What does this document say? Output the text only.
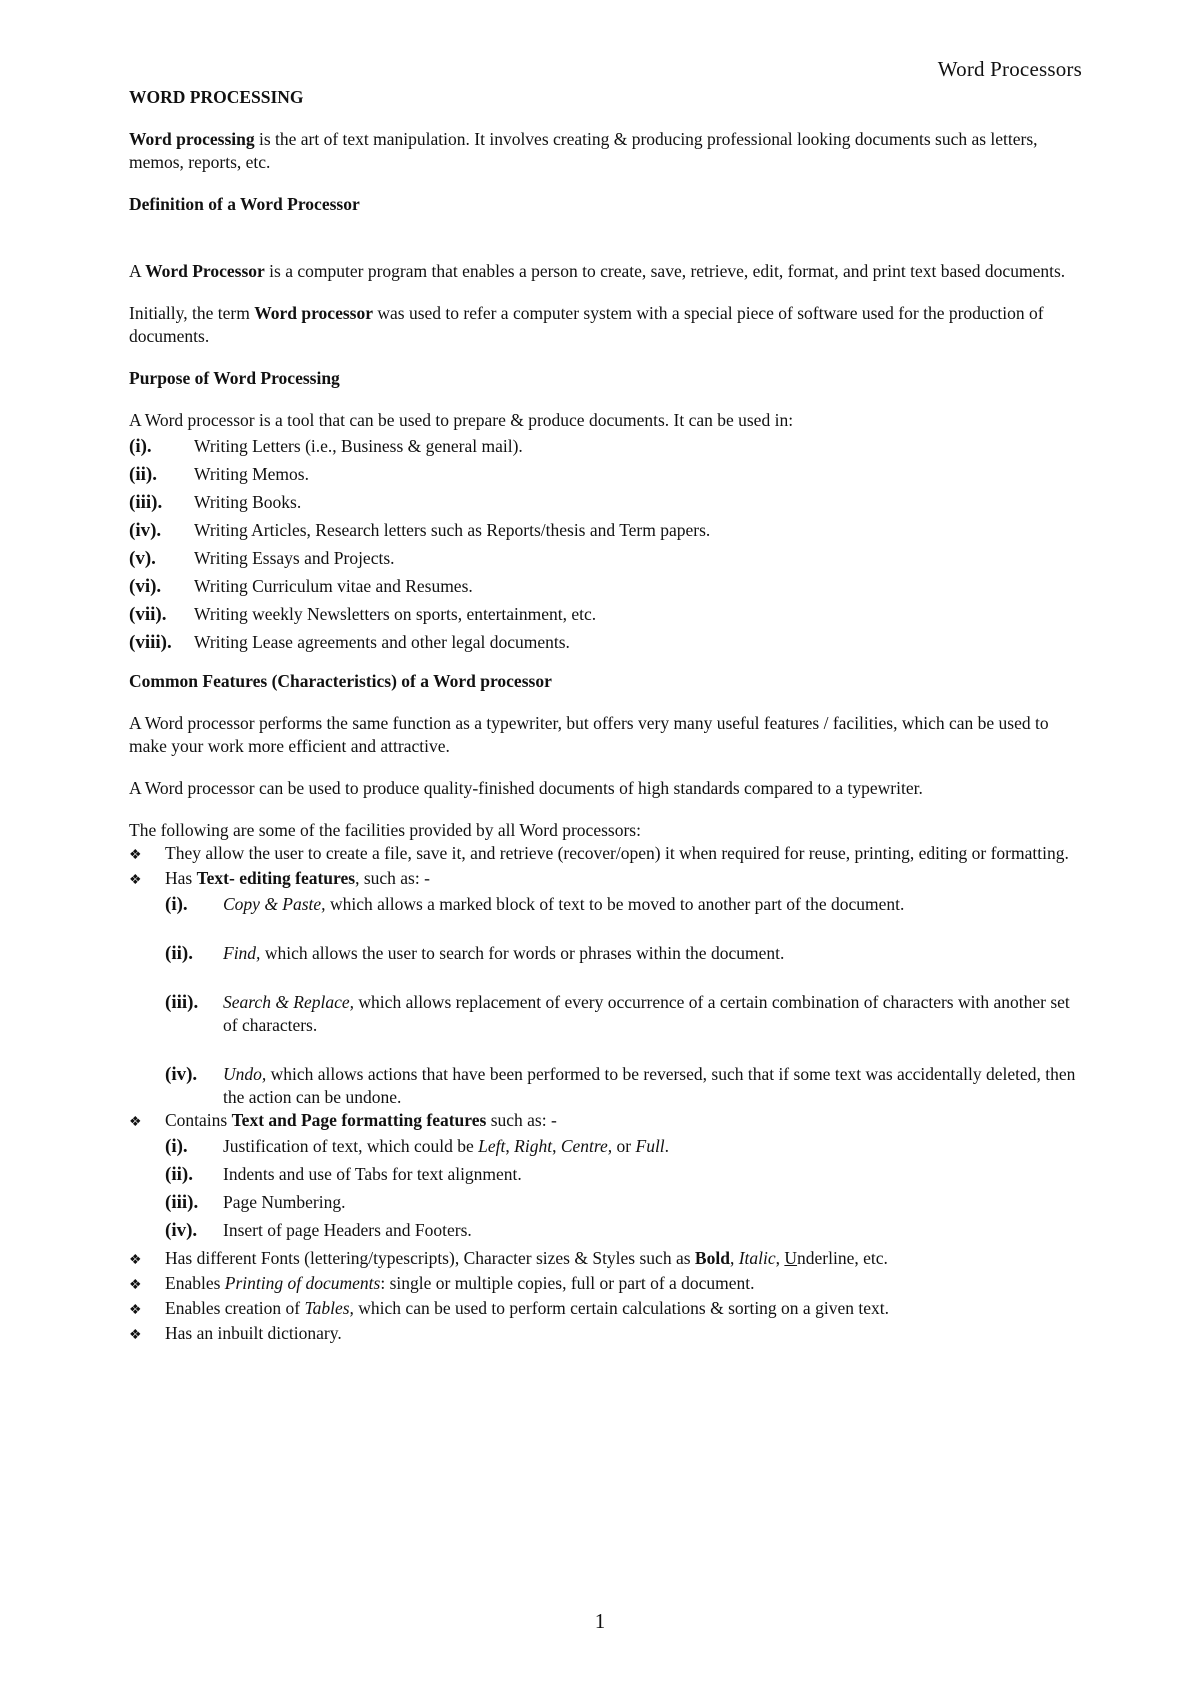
Word Processors
WORD PROCESSING

Word processing is the art of text manipulation. It involves creating & producing professional looking documents such as letters, memos, reports, etc.

Definition of a Word Processor

A Word Processor is a computer program that enables a person to create, save, retrieve, edit, format, and print text based documents.

Initially, the term Word processor was used to refer a computer system with a special piece of software used for the production of documents.

Purpose of Word Processing

A Word processor is a tool that can be used to prepare & produce documents. It can be used in:

(i).	Writing Letters (i.e., Business & general mail).
(ii).	Writing Memos.
(iii).	Writing Books.
(iv).	Writing Articles, Research letters such as Reports/thesis and Term papers.
(v).	Writing Essays and Projects.
(vi).	Writing Curriculum vitae and Resumes.
(vii).	Writing weekly Newsletters on sports, entertainment, etc.
(viii).	Writing Lease agreements and other legal documents.
Common Features (Characteristics) of a Word processor

A Word processor performs the same function as a typewriter, but offers very many useful features / facilities, which can be used to make your work more efficient and attractive.

A Word processor can be used to produce quality-finished documents of high standards compared to a typewriter.

The following are some of the facilities provided by all Word processors:

❖	They allow the user to create a file, save it, and retrieve (recover/open) it when required for reuse, printing, editing or formatting.
❖	Has Text- editing features, such as: -
(i).	Copy & Paste, which allows a marked block of text to be moved to another part of the document.
(ii).	Find, which allows the user to search for words or phrases within the document.
(iii).	Search & Replace, which allows replacement of every occurrence of a certain combination of characters with another set of characters.
(iv).	Undo, which allows actions that have been performed to be reversed, such that if some text was accidentally deleted, then the action can be undone.
❖	Contains Text and Page formatting features such as: -
(i).	Justification of text, which could be Left, Right, Centre, or Full.
(ii).	Indents and use of Tabs for text alignment.
(iii).	Page Numbering.
(iv).	Insert of page Headers and Footers.
❖	Has different Fonts (lettering/typescripts), Character sizes & Styles such as Bold, Italic, Underline, etc.
❖	Enables Printing of documents: single or multiple copies, full or part of a document.
❖	Enables creation of Tables, which can be used to perform certain calculations & sorting on a given text.
❖	Has an inbuilt dictionary.
1
